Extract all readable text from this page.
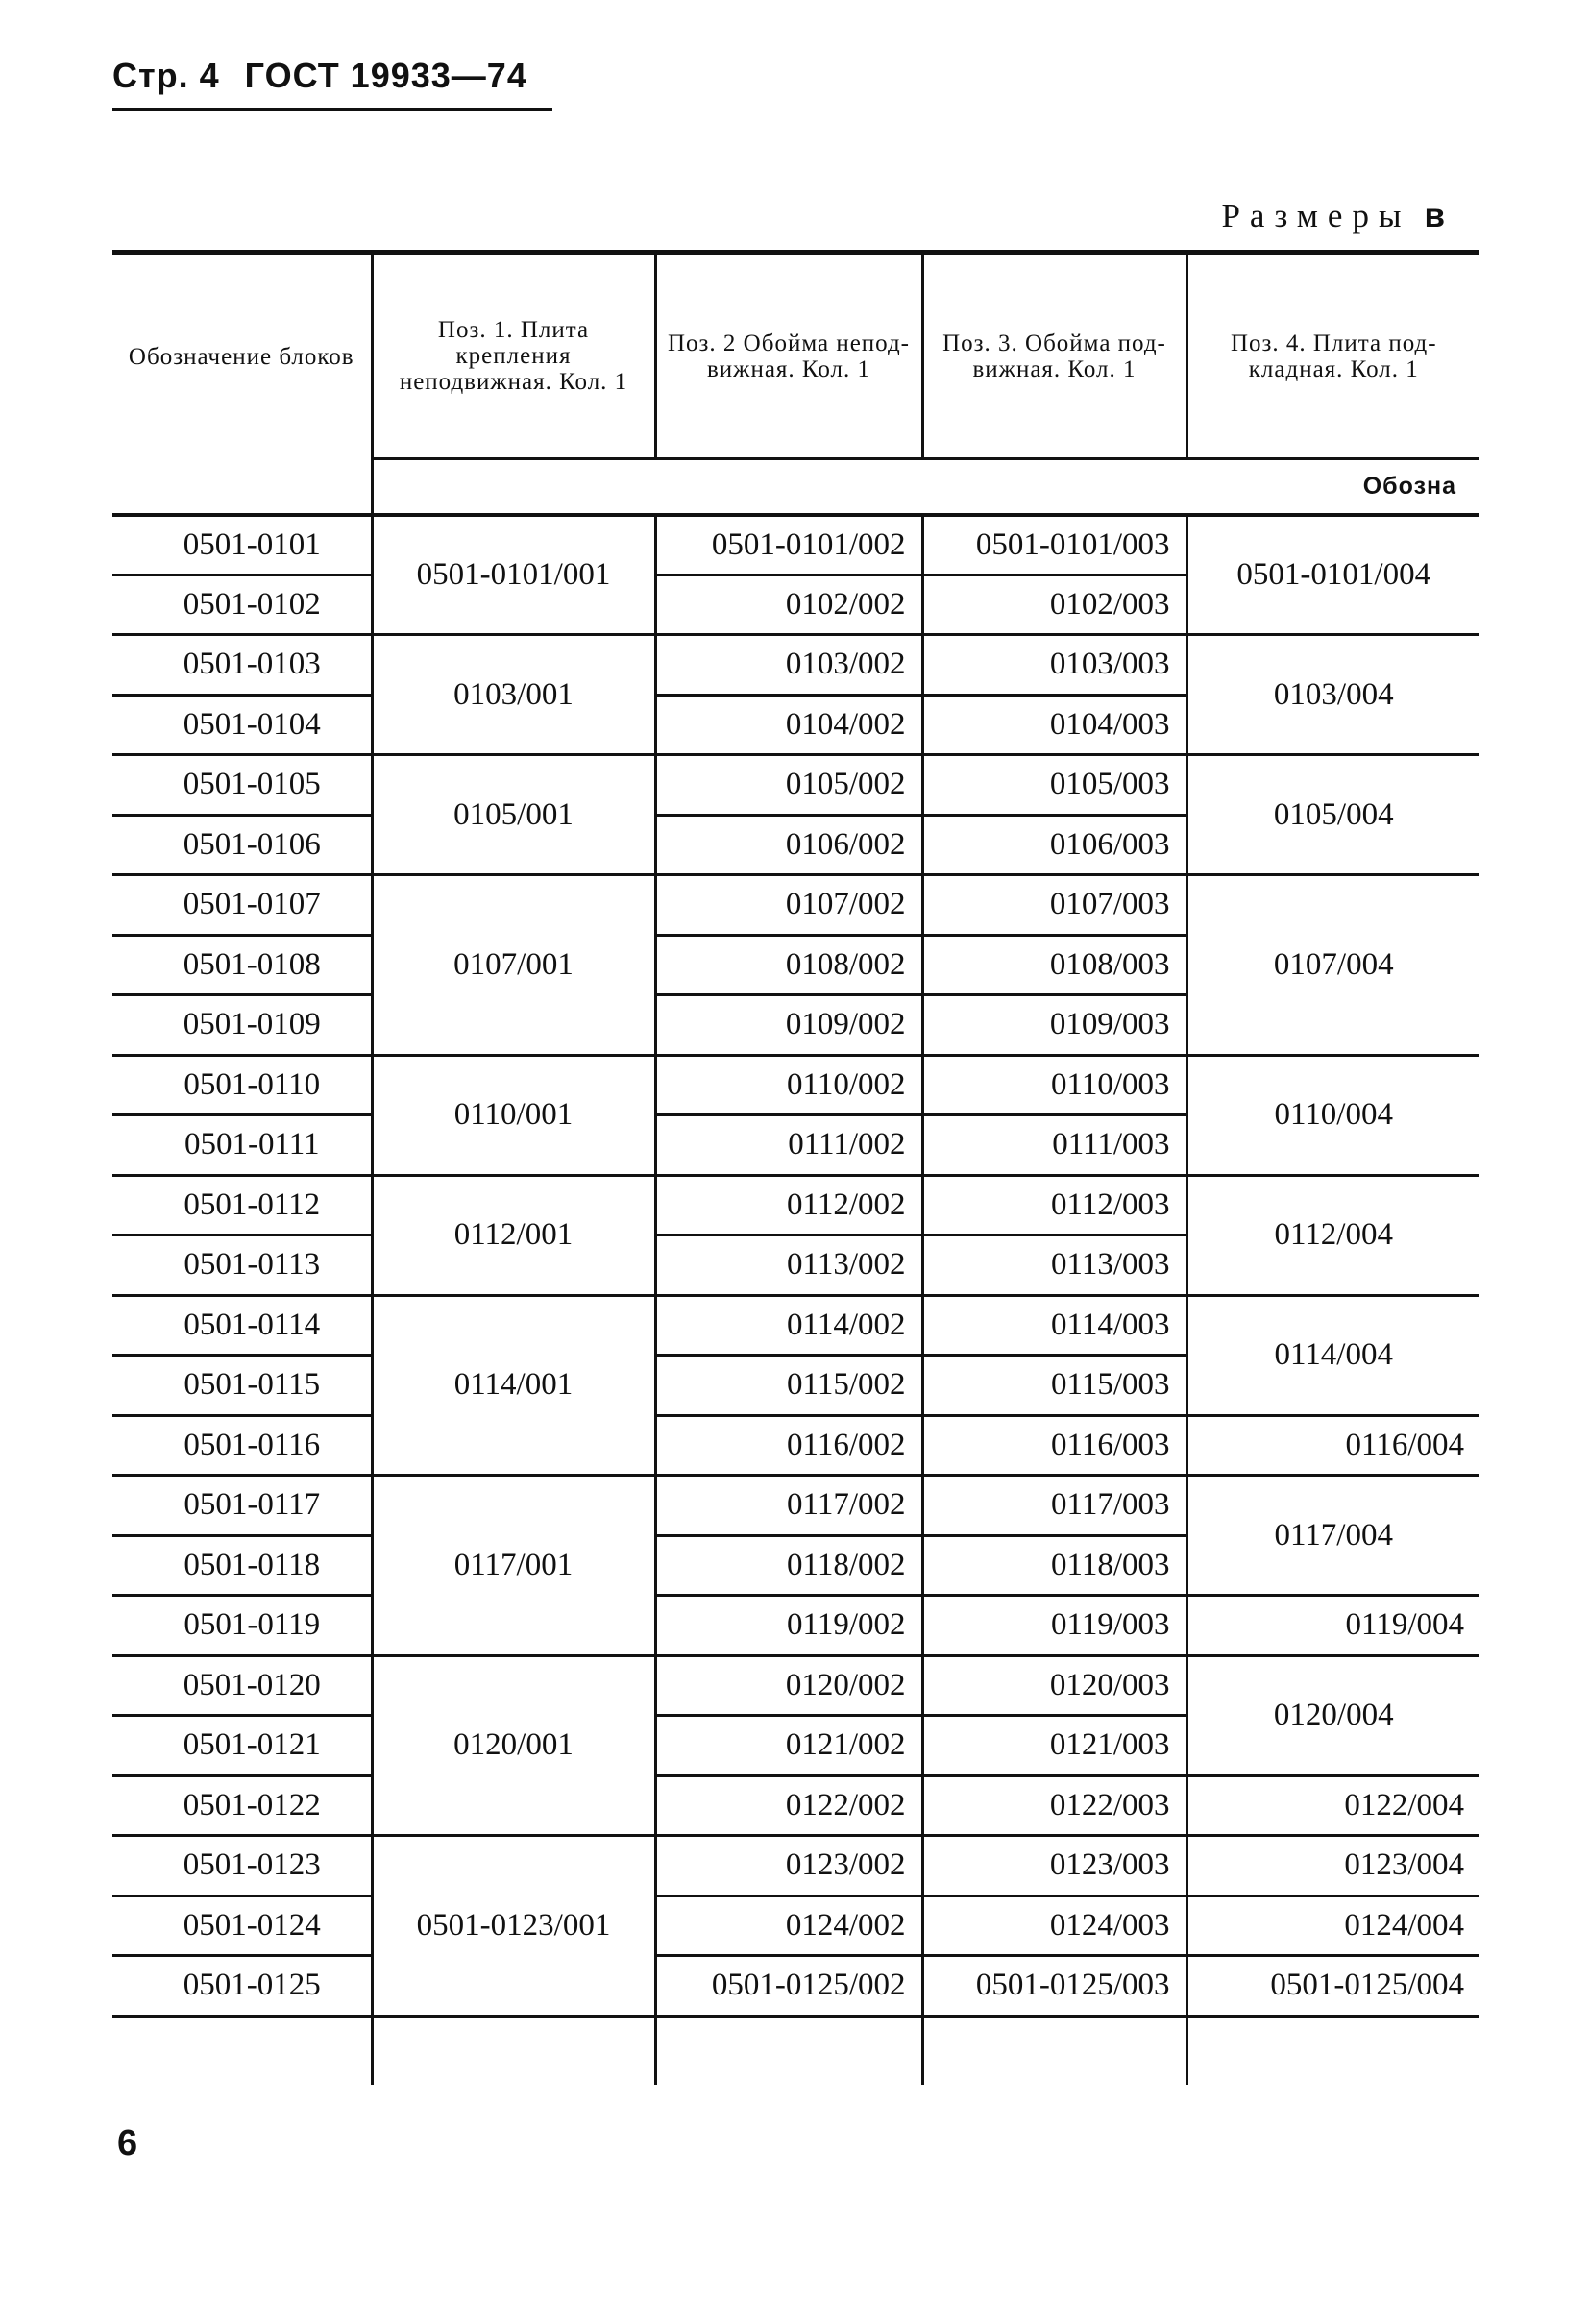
Стр. 4 ГОСТ 19933—74
Размеры в
Обозначение блоков	Поз. 1. Плита крепления неподвижная. Кол. 1	Поз. 2 Обойма непод- вижная. Кол. 1	Поз. 3. Обойма под- вижная. Кол. 1	Поз. 4. Плита под- кладная. Кол. 1
	Обозна			
0501-0101	0501-0101/001	0501-0101/002	0501-0101/003	0501-0101/004
0501-0102		0102/002	0102/003	
0501-0103	0103/001	0103/002	0103/003	0103/004
0501-0104		0104/002	0104/003	
0501-0105	0105/001	0105/002	0105/003	0105/004
0501-0106		0106/002	0106/003	
0501-0107	0107/001	0107/002	0107/003	0107/004
0501-0108		0108/002	0108/003	
0501-0109		0109/002	0109/003	
0501-0110	0110/001	0110/002	0110/003	0110/004
0501-0111		0111/002	0111/003	
0501-0112	0112/001	0112/002	0112/003	0112/004
0501-0113		0113/002	0113/003	
0501-0114	0114/001	0114/002	0114/003	0114/004
0501-0115		0115/002	0115/003	
0501-0116		0116/002	0116/003	0116/004
0501-0117	0117/001	0117/002	0117/003	0117/004
0501-0118		0118/002	0118/003	
0501-0119		0119/002	0119/003	0119/004
0501-0120	0120/001	0120/002	0120/003	0120/004
0501-0121		0121/002	0121/003	
0501-0122		0122/002	0122/003	0122/004
0501-0123	0501-0123/001	0123/002	0123/003	0123/004
0501-0124		0124/002	0124/003	0124/004
0501-0125		0501-0125/002	0501-0125/003	0501-0125/004

6
